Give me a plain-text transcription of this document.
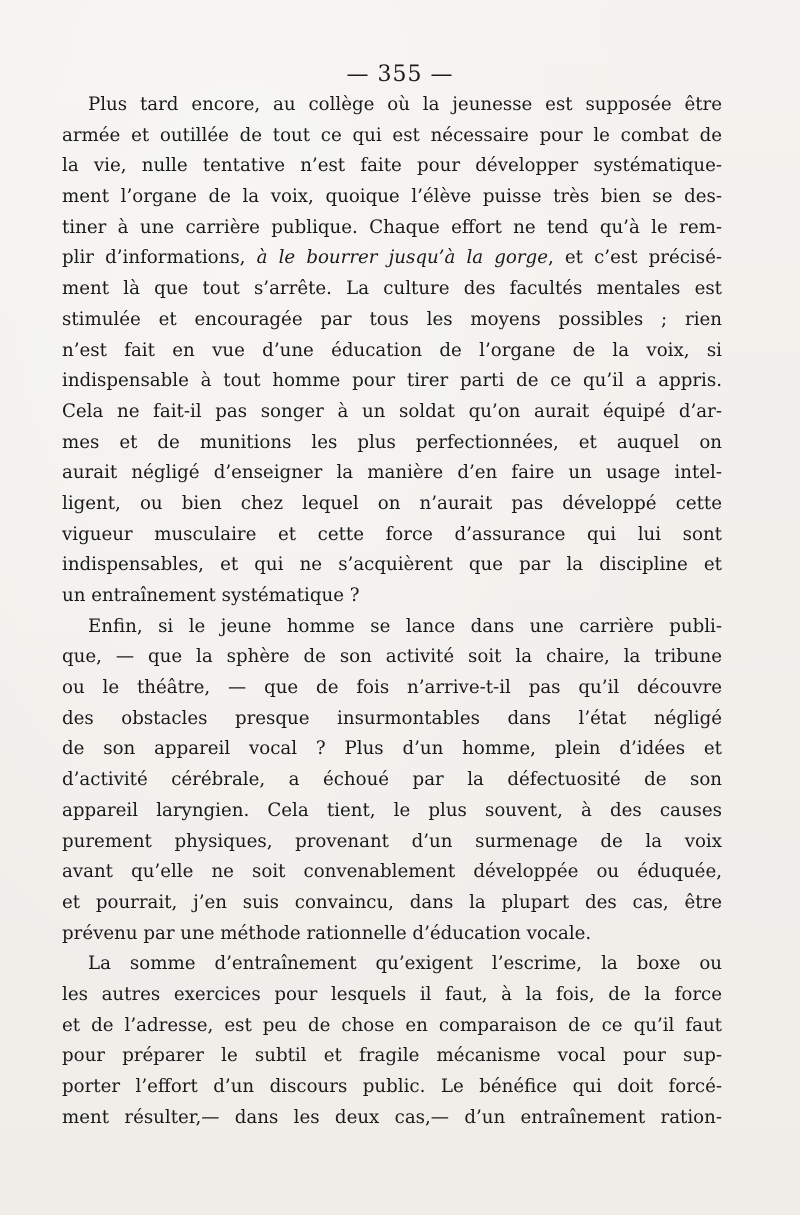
— 355 —
Plus tard encore, au collège où la jeunesse est supposée être
armée et outillée de tout ce qui est nécessaire pour le combat de
la vie, nulle tentative n’est faite pour développer systématique-
ment l’organe de la voix, quoique l’élève puisse très bien se des-
tiner à une carrière publique. Chaque effort ne tend qu’à le rem-
plir d’informations, à le bourrer jusqu’à la gorge, et c’est précisé-
ment là que tout s’arrête. La culture des facultés mentales est
stimulée et encouragée par tous les moyens possibles ; rien
n’est fait en vue d’une éducation de l’organe de la voix, si
indispensable à tout homme pour tirer parti de ce qu’il a appris.
Cela ne fait-il pas songer à un soldat qu’on aurait équipé d’ar-
mes et de munitions les plus perfectionnées, et auquel on
aurait négligé d’enseigner la manière d’en faire un usage intel-
ligent, ou bien chez lequel on n’aurait pas développé cette
vigueur musculaire et cette force d’assurance qui lui sont
indispensables, et qui ne s’acquièrent que par la discipline et
un entraînement systématique ?
Enfin, si le jeune homme se lance dans une carrière publi-
que, — que la sphère de son activité soit la chaire, la tribune
ou le théâtre, — que de fois n’arrive-t-il pas qu’il découvre
des obstacles presque insurmontables dans l’état négligé
de son appareil vocal ? Plus d’un homme, plein d’idées et
d’activité cérébrale, a échoué par la défectuosité de son
appareil laryngien. Cela tient, le plus souvent, à des causes
purement physiques, provenant d’un surmenage de la voix
avant qu’elle ne soit convenablement développée ou éduquée,
et pourrait, j’en suis convaincu, dans la plupart des cas, être
prévenu par une méthode rationnelle d’éducation vocale.
La somme d’entraînement qu’exigent l’escrime, la boxe ou
les autres exercices pour lesquels il faut, à la fois, de la force
et de l’adresse, est peu de chose en comparaison de ce qu’il faut
pour préparer le subtil et fragile mécanisme vocal pour sup-
porter l’effort d’un discours public. Le bénéfice qui doit forcé-
ment résulter,— dans les deux cas,— d’un entraînement ration-
